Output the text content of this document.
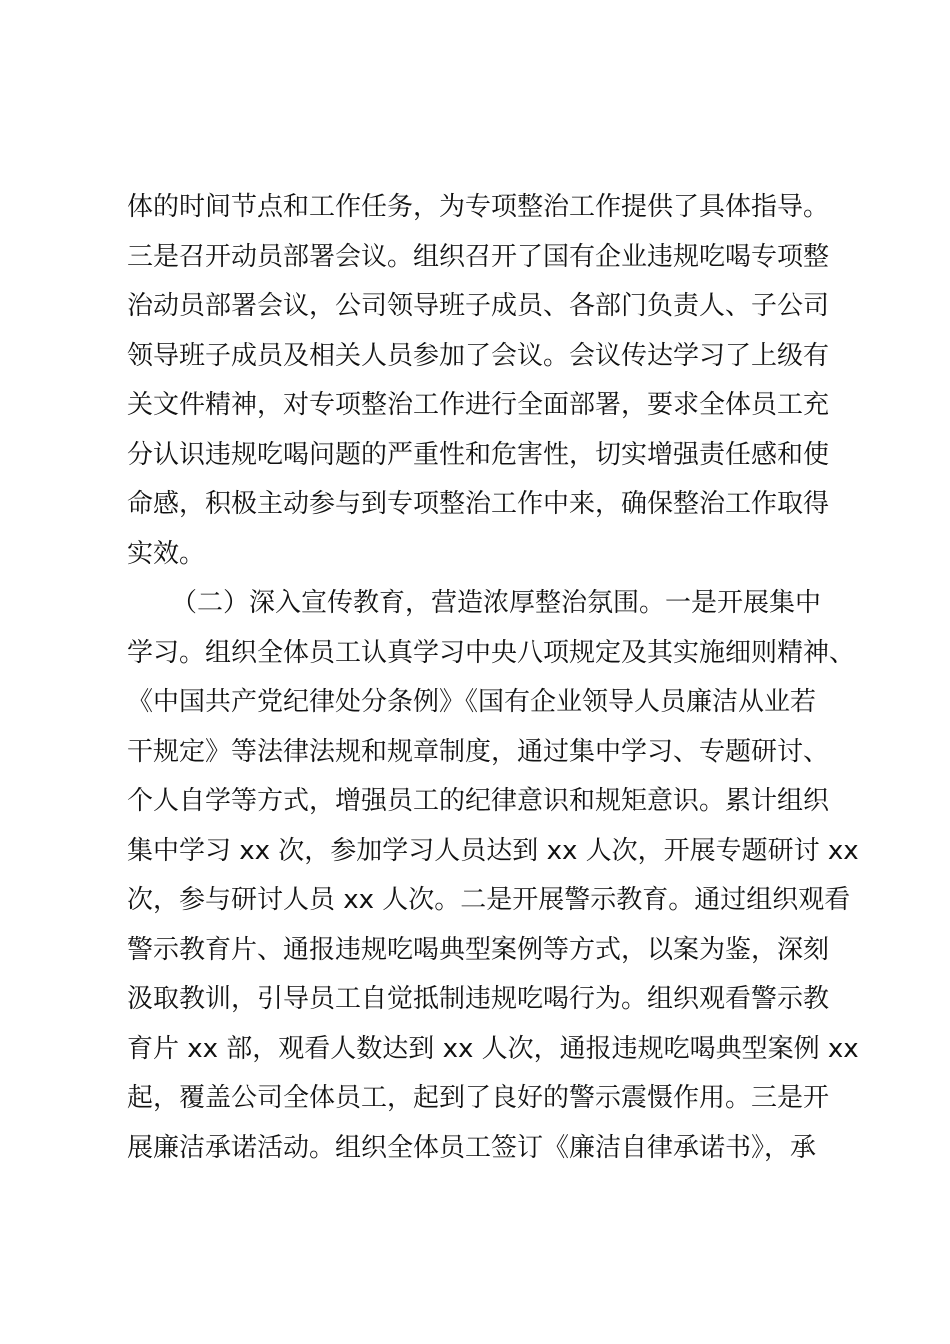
体的时间节点和工作任务，为专项整治工作提供了具体指导。
三是召开动员部署会议。组织召开了国有企业违规吃喝专项整
治动员部署会议，公司领导班子成员、各部门负责人、子公司
领导班子成员及相关人员参加了会议。会议传达学习了上级有
关文件精神，对专项整治工作进行全面部署，要求全体员工充
分认识违规吃喝问题的严重性和危害性，切实增强责任感和使
命感，积极主动参与到专项整治工作中来，确保整治工作取得
实效。
（二）深入宣传教育，营造浓厚整治氛围。一是开展集中
学习。组织全体员工认真学习中央八项规定及其实施细则精神、
《中国共产党纪律处分条例》《国有企业领导人员廉洁从业若
干规定》等法律法规和规章制度，通过集中学习、专题研讨、
个人自学等方式，增强员工的纪律意识和规矩意识。累计组织
集中学习 xx 次，参加学习人员达到 xx 人次，开展专题研讨 xx
次，参与研讨人员 xx 人次。二是开展警示教育。通过组织观看
警示教育片、通报违规吃喝典型案例等方式，以案为鉴，深刻
汲取教训，引导员工自觉抵制违规吃喝行为。组织观看警示教
育片 xx 部，观看人数达到 xx 人次，通报违规吃喝典型案例 xx
起，覆盖公司全体员工，起到了良好的警示震慑作用。三是开
展廉洁承诺活动。组织全体员工签订《廉洁自律承诺书》，承
